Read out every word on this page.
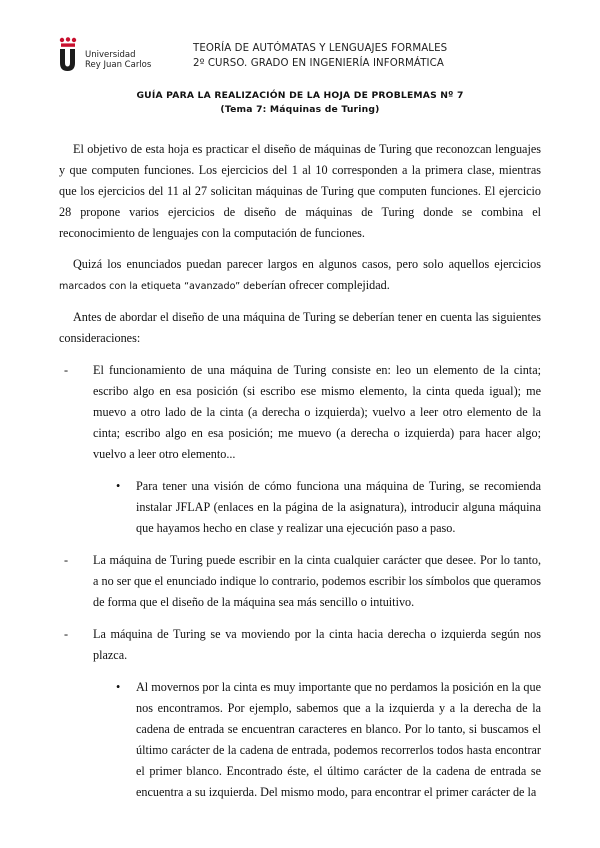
Universidad
Rey Juan Carlos
TEORÍA DE AUTÓMATAS Y LENGUAJES FORMALES
2º CURSO. GRADO EN INGENIERÍA INFORMÁTICA
GUÍA PARA LA REALIZACIÓN DE LA HOJA DE PROBLEMAS Nº 7
(Tema 7: Máquinas de Turing)

El objetivo de esta hoja es practicar el diseño de máquinas de Turing que reconozcan lenguajes y que computen funciones. Los ejercicios del 1 al 10 corresponden a la primera clase, mientras que los ejercicios del 11 al 27 solicitan máquinas de Turing que computen funciones. El ejercicio 28 propone varios ejercicios de diseño de máquinas de Turing donde se combina el reconocimiento de lenguajes con la computación de funciones.

Quizá los enunciados puedan parecer largos en algunos casos, pero solo aquellos ejercicios marcados con la etiqueta “avanzado” deberían ofrecer complejidad.

Antes de abordar el diseño de una máquina de Turing se deberían tener en cuenta las siguientes consideraciones:

- El funcionamiento de una máquina de Turing consiste en: leo un elemento de la cinta; escribo algo en esa posición (si escribo ese mismo elemento, la cinta queda igual); me muevo a otro lado de la cinta (a derecha o izquierda); vuelvo a leer otro elemento de la cinta; escribo algo en esa posición; me muevo (a derecha o izquierda) para hacer algo; vuelvo a leer otro elemento...
• Para tener una visión de cómo funciona una máquina de Turing, se recomienda instalar JFLAP (enlaces en la página de la asignatura), introducir alguna máquina que hayamos hecho en clase y realizar una ejecución paso a paso.
- La máquina de Turing puede escribir en la cinta cualquier carácter que desee. Por lo tanto, a no ser que el enunciado indique lo contrario, podemos escribir los símbolos que queramos de forma que el diseño de la máquina sea más sencillo o intuitivo.
- La máquina de Turing se va moviendo por la cinta hacia derecha o izquierda según nos plazca.
• Al movernos por la cinta es muy importante que no perdamos la posición en la que nos encontramos. Por ejemplo, sabemos que a la izquierda y a la derecha de la cadena de entrada se encuentran caracteres en blanco. Por lo tanto, si buscamos el último carácter de la cadena de entrada, podemos recorrerlos todos hasta encontrar el primer blanco. Encontrado éste, el último carácter de la cadena de entrada se encuentra a su izquierda. Del mismo modo, para encontrar el primer carácter de la
